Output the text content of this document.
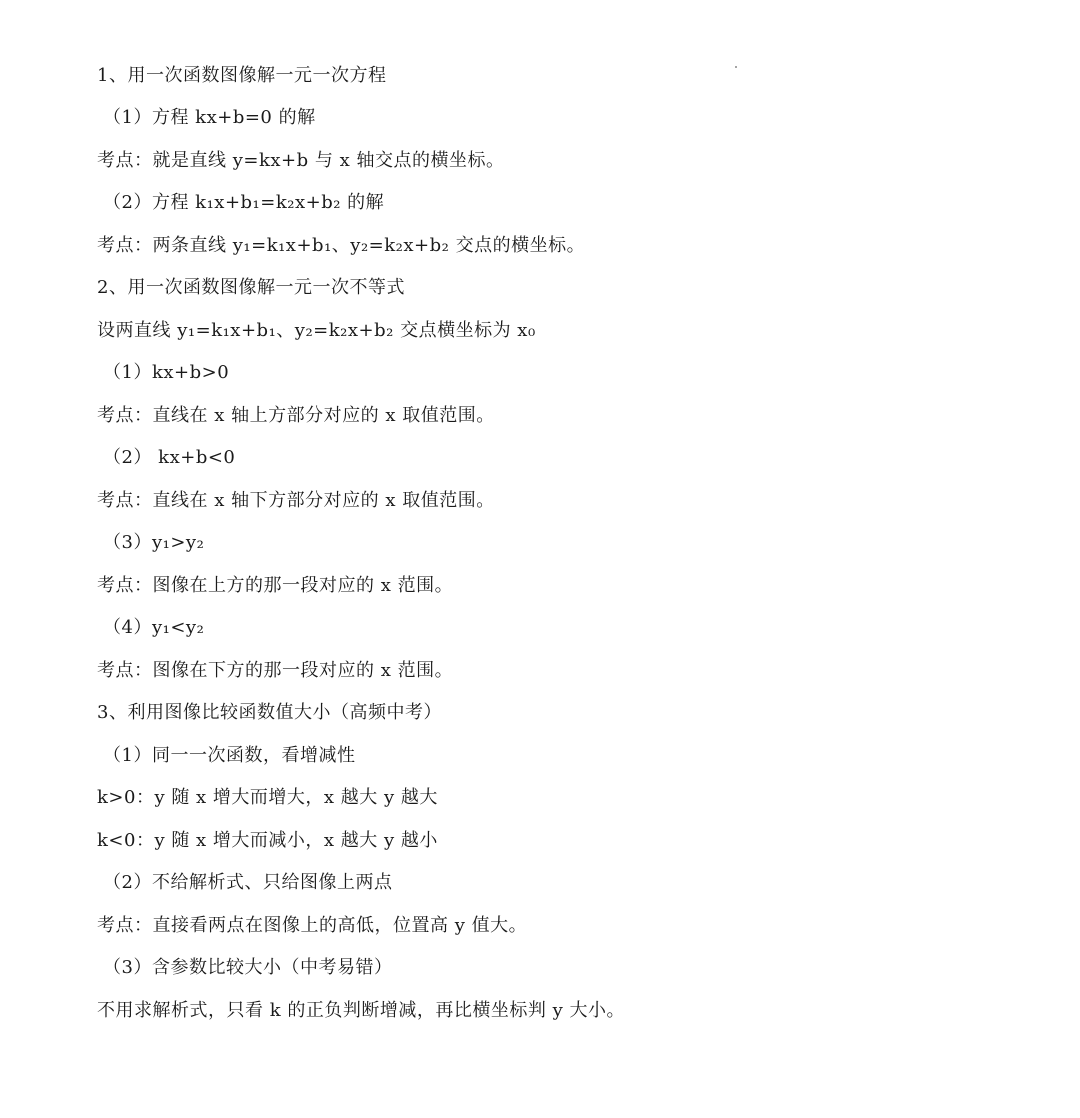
1、用一次函数图像解一元一次方程
（1）方程 kx+b=0 的解
考点：就是直线 y=kx+b 与 x 轴交点的横坐标。
（2）方程 k₁x+b₁=k₂x+b₂ 的解
考点：两条直线 y₁=k₁x+b₁、y₂=k₂x+b₂ 交点的横坐标。
2、用一次函数图像解一元一次不等式
设两直线 y₁=k₁x+b₁、y₂=k₂x+b₂ 交点横坐标为 x₀
（1）kx+b>0
考点：直线在 x 轴上方部分对应的 x 取值范围。
（2） kx+b<0
考点：直线在 x 轴下方部分对应的 x 取值范围。
（3）y₁>y₂
考点：图像在上方的那一段对应的 x 范围。
（4）y₁<y₂
考点：图像在下方的那一段对应的 x 范围。
3、利用图像比较函数值大小（高频中考）
（1）同一一次函数，看增减性
k>0：y 随 x 增大而增大，x 越大 y 越大
k<0：y 随 x 增大而减小，x 越大 y 越小
（2）不给解析式、只给图像上两点
考点：直接看两点在图像上的高低，位置高 y 值大。
（3）含参数比较大小（中考易错）
不用求解析式，只看 k 的正负判断增减，再比横坐标判 y 大小。
